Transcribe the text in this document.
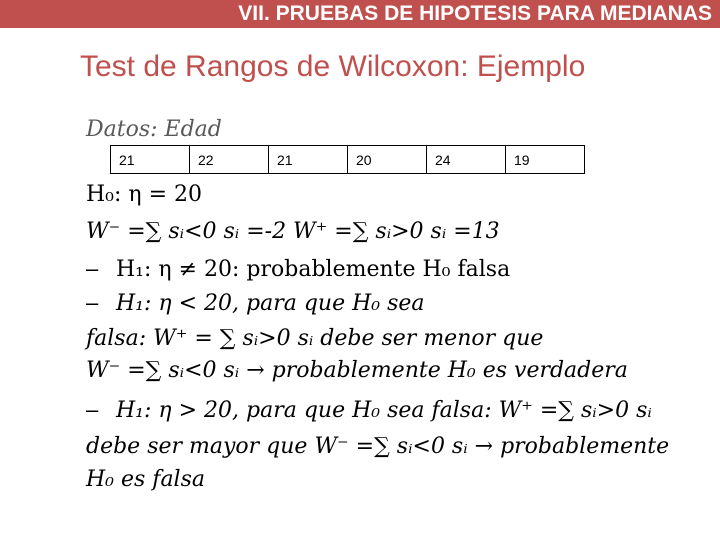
VII. PRUEBAS DE HIPOTESIS PARA MEDIANAS
Test de Rangos de Wilcoxon: Ejemplo
Datos: Edad
21	22	21	20	24	19
H₀: η = 20
W⁻ =∑ sᵢ<0 sᵢ =-2 W⁺ =∑ sᵢ>0 sᵢ =13
– H₁: η ≠ 20: probablemente H₀ falsa
– H₁: η < 20, para que H₀ sea
falsa: W⁺ = ∑ sᵢ>0 sᵢ debe ser menor que
W⁻ =∑ sᵢ<0 sᵢ → probablemente H₀ es verdadera
– H₁: η > 20, para que H₀ sea falsa: W⁺ =∑ sᵢ>0 sᵢ
debe ser mayor que W⁻ =∑ sᵢ<0 sᵢ → probablemente
H₀ es falsa
